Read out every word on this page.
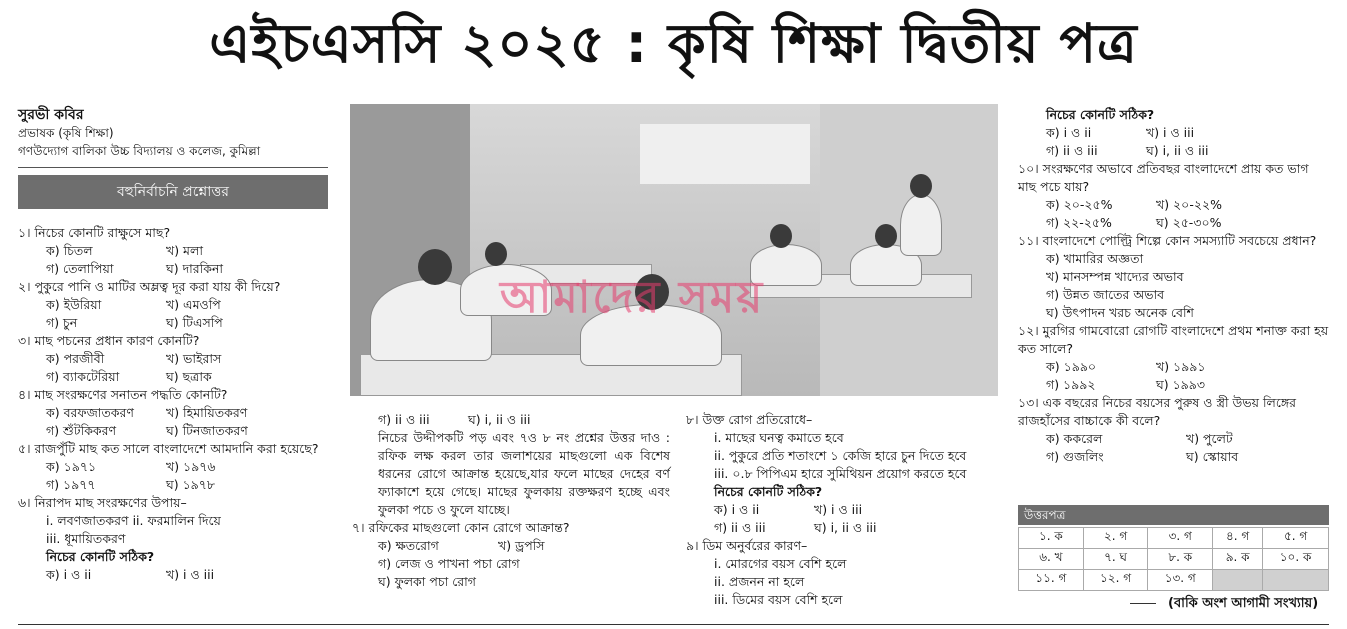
এইচএসসি ২০২৫ : কৃষি শিক্ষা দ্বিতীয় পত্র
সুরভী কবির
প্রভাষক (কৃষি শিক্ষা)
গণউদ্যোগ বালিকা উচ্চ বিদ্যালয় ও কলেজ, কুমিল্লা
বহুনির্বাচনি প্রশ্নোত্তর
১। নিচের কোনটি রাক্ষুসে মাছ?
ক) চিতল	খ) মলা
গ) তেলাপিয়া	ঘ) দারকিনা
২। পুকুরে পানি ও মাটির অম্লত্ব দূর করা যায় কী দিয়ে?
ক) ইউরিয়া	খ) এমওপি
গ) চুন	ঘ) টিএসপি
৩। মাছ পচনের প্রধান কারণ কোনটি?
ক) পরজীবী	খ) ভাইরাস
গ) ব্যাকটেরিয়া	ঘ) ছত্রাক
৪। মাছ সংরক্ষণের সনাতন পদ্ধতি কোনটি?
ক) বরফজাতকরণ	খ) হিমায়িতকরণ
গ) শুঁটকিকরণ	ঘ) টিনজাতকরণ
৫। রাজপুঁটি মাছ কত সালে বাংলাদেশে আমদানি করা হয়েছে?
ক) ১৯৭১	খ) ১৯৭৬
গ) ১৯৭৭	ঘ) ১৯৭৮
৬। নিরাপদ মাছ সংরক্ষণের উপায়–
i. লবণজাতকরণ ii. ফরমালিন দিয়ে
iii. ধূমায়িতকরণ
নিচের কোনটি সঠিক?
ক) i ও ii	খ) i ও iii
আমাদের সময়
গ) ii ও iii	ঘ) i, ii ও iii
নিচের উদ্দীপকটি পড় এবং ৭ও ৮ নং প্রশ্নের উত্তর দাও : রফিক লক্ষ করল তার জলাশয়ের মাছগুলো এক বিশেষ ধরনের রোগে আক্রান্ত হয়েছে,যার ফলে মাছের দেহের বর্ণ ফ্যাকাশে হয়ে গেছে। মাছের ফুলকায় রক্তক্ষরণ হচ্ছে এবং ফুলকা পচে ও ফুলে যাচ্ছে।
৭। রফিকের মাছগুলো কোন রোগে আক্রান্ত?
ক) ক্ষতরোগ	খ) ড্রপসি
গ) লেজ ও পাখনা পচা রোগ
ঘ) ফুলকা পচা রোগ
৮। উক্ত রোগ প্রতিরোধে–
i. মাছের ঘনত্ব কমাতে হবে
ii. পুকুরে প্রতি শতাংশে ১ কেজি হারে চুন দিতে হবে
iii. ০.৮ পিপিএম হারে সুমিথিয়ন প্রয়োগ করতে হবে
নিচের কোনটি সঠিক?
ক) i ও ii	খ) i ও iii
গ) ii ও iii	ঘ) i, ii ও iii
৯। ডিম অনুর্বরের কারণ–
i. মোরগের বয়স বেশি হলে
ii. প্রজনন না হলে
iii. ডিমের বয়স বেশি হলে
নিচের কোনটি সঠিক?
ক) i ও ii	খ) i ও iii
গ) ii ও iii	ঘ) i, ii ও iii
১০। সংরক্ষণের অভাবে প্রতিবছর বাংলাদেশে প্রায় কত ভাগ মাছ পচে যায়?
ক) ২০-২৫%	খ) ২০-২২%
গ) ২২-২৫%	ঘ) ২৫-৩০%
১১। বাংলাদেশে পোল্ট্রি শিল্পে কোন সমস্যাটি সবচেয়ে প্রধান?
ক) খামারির অজ্ঞতা
খ) মানসম্পন্ন খাদ্যের অভাব
গ) উন্নত জাতের অভাব
ঘ) উৎপাদন খরচ অনেক বেশি
১২। মুরগির গামবোরো রোগটি বাংলাদেশে প্রথম শনাক্ত করা হয় কত সালে?
ক) ১৯৯০	খ) ১৯৯১
গ) ১৯৯২	ঘ) ১৯৯৩
১৩। এক বছরের নিচের বয়সের পুরুষ ও স্ত্রী উভয় লিঙ্গের রাজহাঁসের বাচ্চাকে কী বলে?
ক) ককরেল	খ) পুলেট
গ) গুজলিং	ঘ) স্কোয়াব
উত্তরপত্র
১. ক	২. গ	৩. গ	৪. গ	৫. গ
৬. খ	৭. ঘ	৮. ক	৯. ক	১০. ক
১১. গ	১২. গ	১৩. গ		
(বাকি অংশ আগামী সংখ্যায়)
